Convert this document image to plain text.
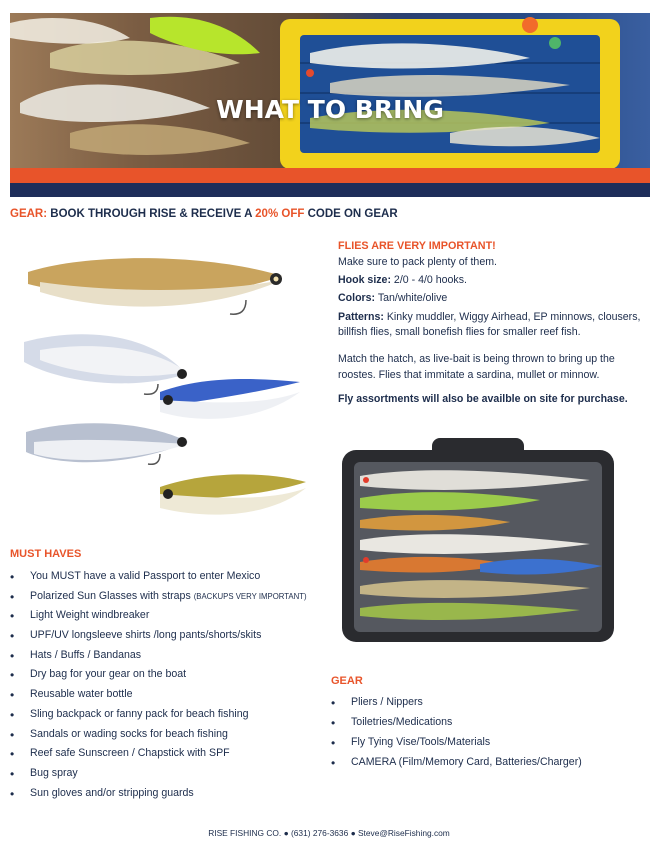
WHAT TO BRING
GEAR: BOOK THROUGH RISE & RECEIVE A 20% OFF CODE ON GEAR
FLIES ARE VERY IMPORTANT!

Make sure to pack plenty of them.

Hook size: 2/0 - 4/0 hooks.

Colors: Tan/white/olive

Patterns: Kinky muddler, Wiggy Airhead, EP minnows, clousers, billfish flies, small bonefish flies for smaller reef fish.

Match the hatch, as live-bait is being thrown to bring up the roostes. Flies that immitate a sardina, mullet or minnow.

Fly assortments will also be availble on site for purchase.

MUST HAVES
• You MUST have a valid Passport to enter Mexico
• Polarized Sun Glasses with straps (BACKUPS VERY IMPORTANT)
• Light Weight windbreaker
• UPF/UV longsleeve shirts /long pants/shorts/skits
• Hats / Buffs / Bandanas
• Dry bag for your gear on the boat
• Reusable water bottle
• Sling backpack or fanny pack for beach fishing
• Sandals or wading socks for beach fishing
• Reef safe Sunscreen / Chapstick with SPF
• Bug spray
• Sun gloves and/or stripping guards
GEAR
• Pliers / Nippers
• Toiletries/Medications
• Fly Tying Vise/Tools/Materials
• CAMERA (Film/Memory Card, Batteries/Charger)
RISE FISHING CO. ● (631) 276-3636 ● Steve@RiseFishing.com
